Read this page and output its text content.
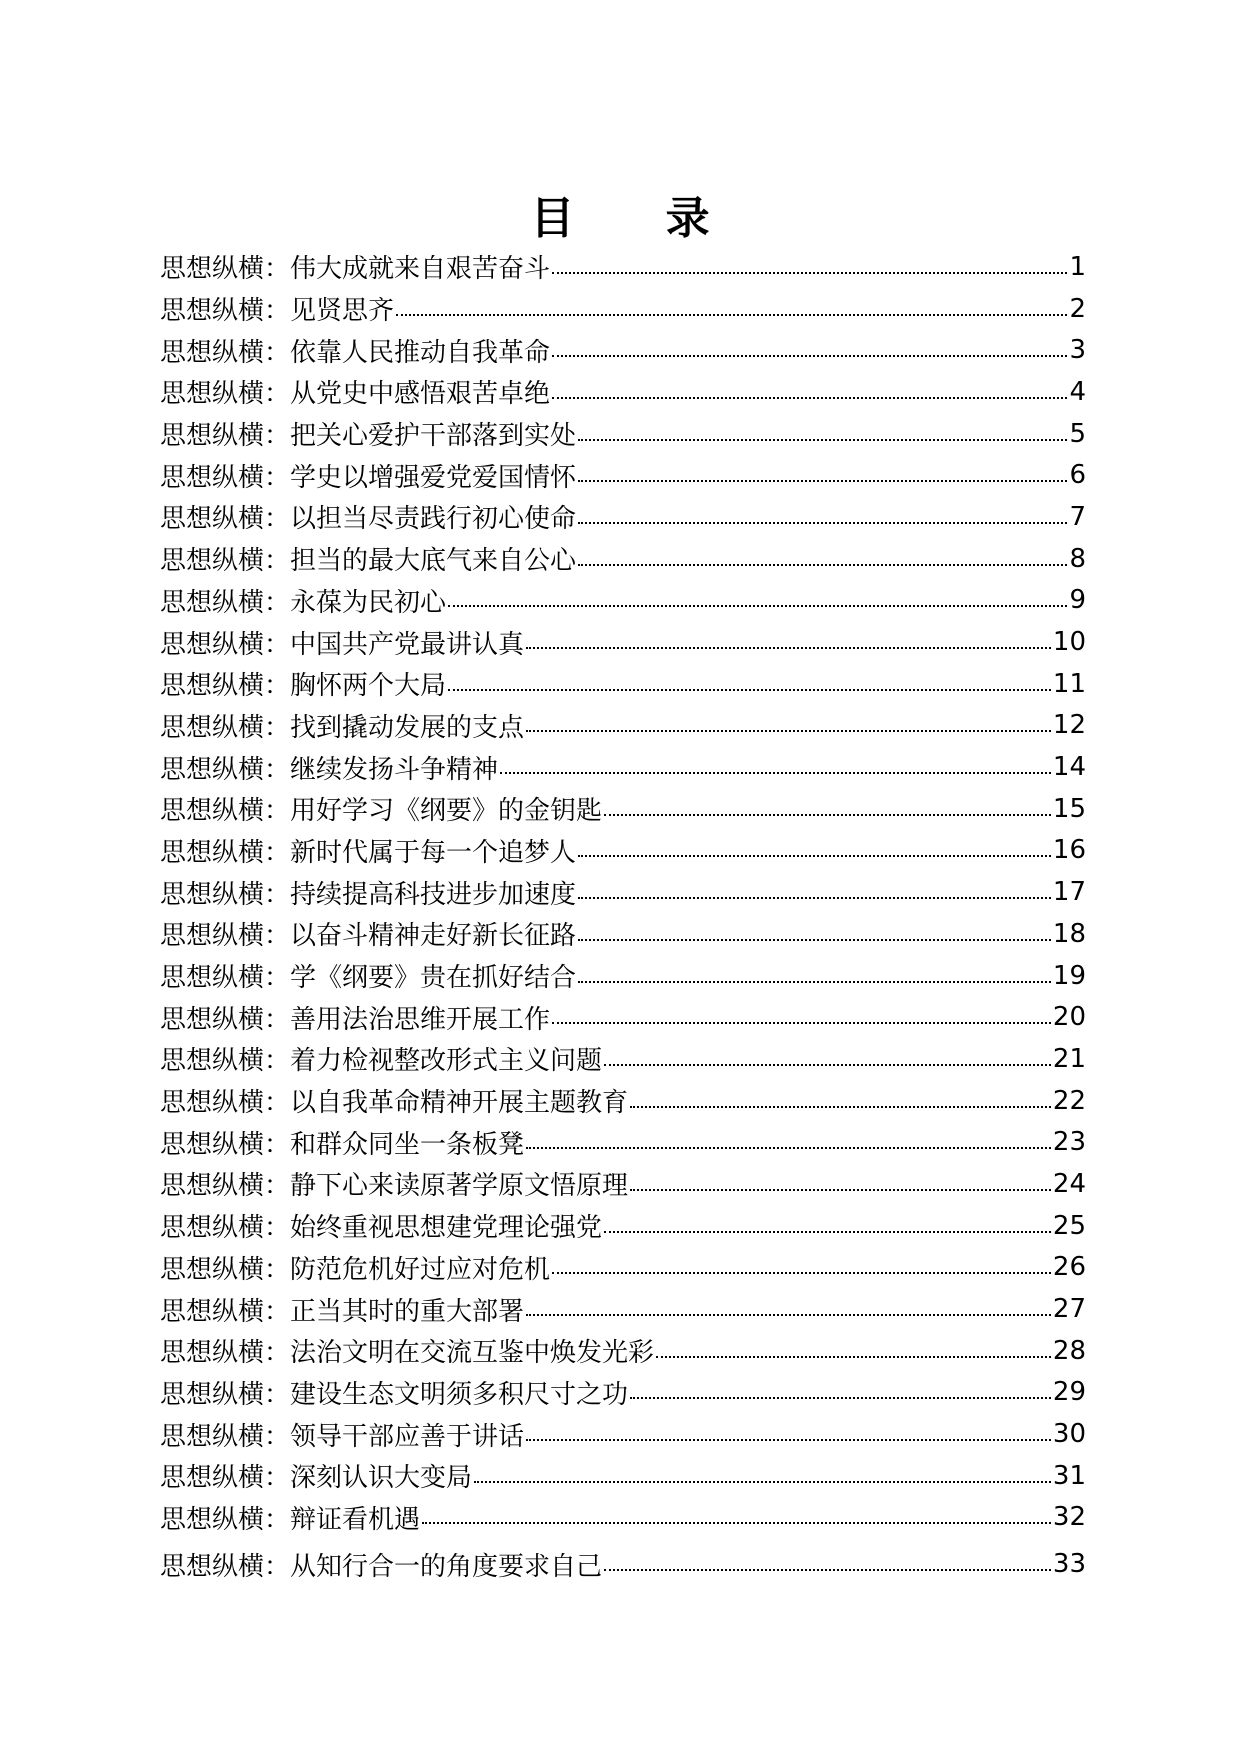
目 录
思想纵横：伟大成就来自艰苦奋斗	1
思想纵横：见贤思齐	2
思想纵横：依靠人民推动自我革命	3
思想纵横：从党史中感悟艰苦卓绝	4
思想纵横：把关心爱护干部落到实处	5
思想纵横：学史以增强爱党爱国情怀	6
思想纵横：以担当尽责践行初心使命	7
思想纵横：担当的最大底气来自公心	8
思想纵横：永葆为民初心	9
思想纵横：中国共产党最讲认真	10
思想纵横：胸怀两个大局	11
思想纵横：找到撬动发展的支点	12
思想纵横：继续发扬斗争精神	14
思想纵横：用好学习《纲要》的金钥匙	15
思想纵横：新时代属于每一个追梦人	16
思想纵横：持续提高科技进步加速度	17
思想纵横：以奋斗精神走好新长征路	18
思想纵横：学《纲要》贵在抓好结合	19
思想纵横：善用法治思维开展工作	20
思想纵横：着力检视整改形式主义问题	21
思想纵横：以自我革命精神开展主题教育	22
思想纵横：和群众同坐一条板凳	23
思想纵横：静下心来读原著学原文悟原理	24
思想纵横：始终重视思想建党理论强党	25
思想纵横：防范危机好过应对危机	26
思想纵横：正当其时的重大部署	27
思想纵横：法治文明在交流互鉴中焕发光彩	28
思想纵横：建设生态文明须多积尺寸之功	29
思想纵横：领导干部应善于讲话	30
思想纵横：深刻认识大变局	31
思想纵横：辩证看机遇	32
思想纵横：从知行合一的角度要求自己	33
